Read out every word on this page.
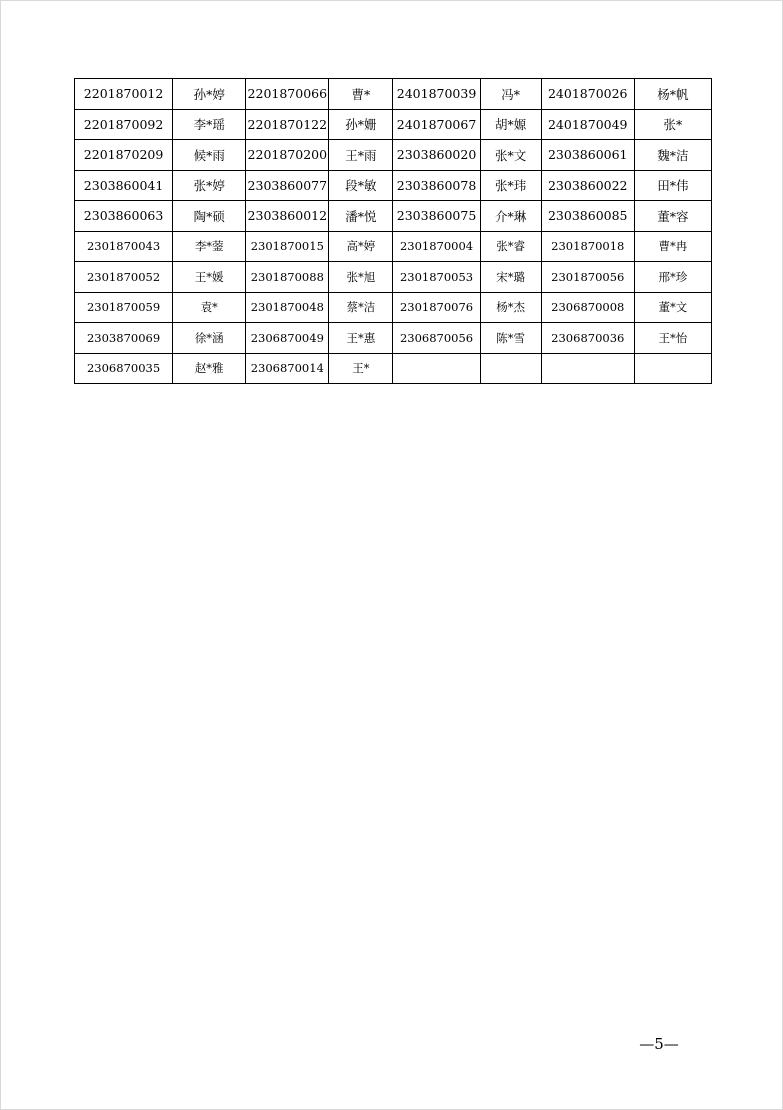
2201870012	孙*婷	2201870066	曹*	2401870039	冯*	2401870026	杨*帆
2201870092	李*瑶	2201870122	孙*姗	2401870067	胡*嫄	2401870049	张*
2201870209	候*雨	2201870200	王*雨	2303860020	张*文	2303860061	魏*洁
2303860041	张*婷	2303860077	段*敏	2303860078	张*玮	2303860022	田*伟
2303860063	陶*硕	2303860012	潘*悦	2303860075	介*琳	2303860085	董*容
2301870043	李*蓥	2301870015	高*婷	2301870004	张*睿	2301870018	曹*冉
2301870052	王*媛	2301870088	张*旭	2301870053	宋*璐	2301870056	邢*珍
2301870059	袁*	2301870048	蔡*洁	2301870076	杨*杰	2306870008	董*文
2303870069	徐*涵	2306870049	王*惠	2306870056	陈*雪	2306870036	王*怡
2306870035	赵*雅	2306870014	王*				
—5—
